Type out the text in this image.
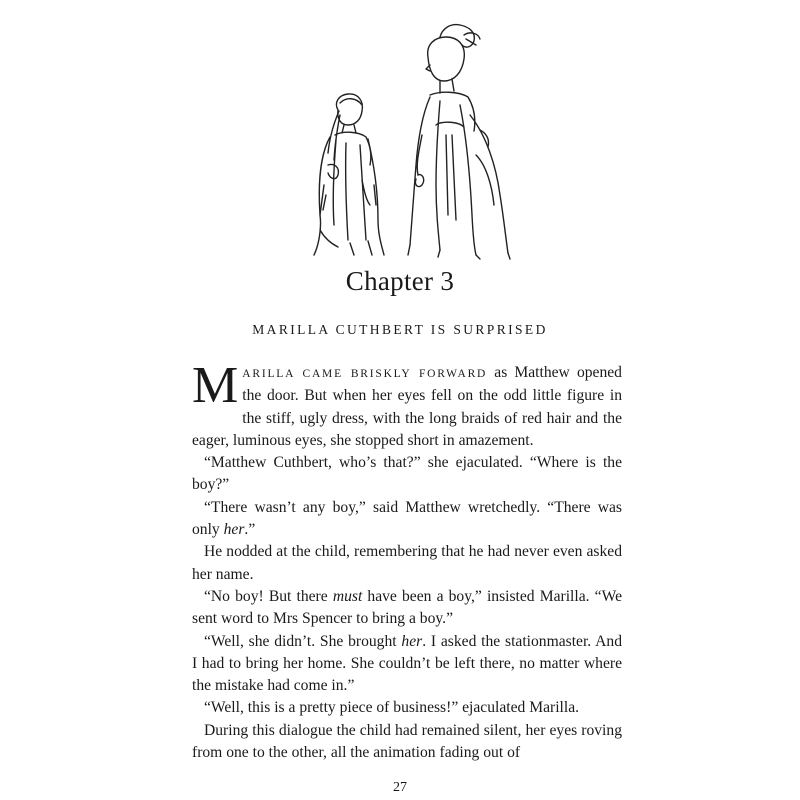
Chapter 3
MARILLA CUTHBERT IS SURPRISED

MARILLA CAME BRISKLY FORWARD as Matthew opened the door. But when her eyes fell on the odd little figure in the stiff, ugly dress, with the long braids of red hair and the eager, luminous eyes, she stopped short in amazement.

“Matthew Cuthbert, who’s that?” she ejaculated. “Where is the boy?”

“There wasn’t any boy,” said Matthew wretchedly. “There was only her.”

He nodded at the child, remembering that he had never even asked her name.

“No boy! But there must have been a boy,” insisted Marilla. “We sent word to Mrs Spencer to bring a boy.”

“Well, she didn’t. She brought her. I asked the stationmaster. And I had to bring her home. She couldn’t be left there, no matter where the mistake had come in.”

“Well, this is a pretty piece of business!” ejaculated Marilla.

During this dialogue the child had remained silent, her eyes roving from one to the other, all the animation fading out of

27
